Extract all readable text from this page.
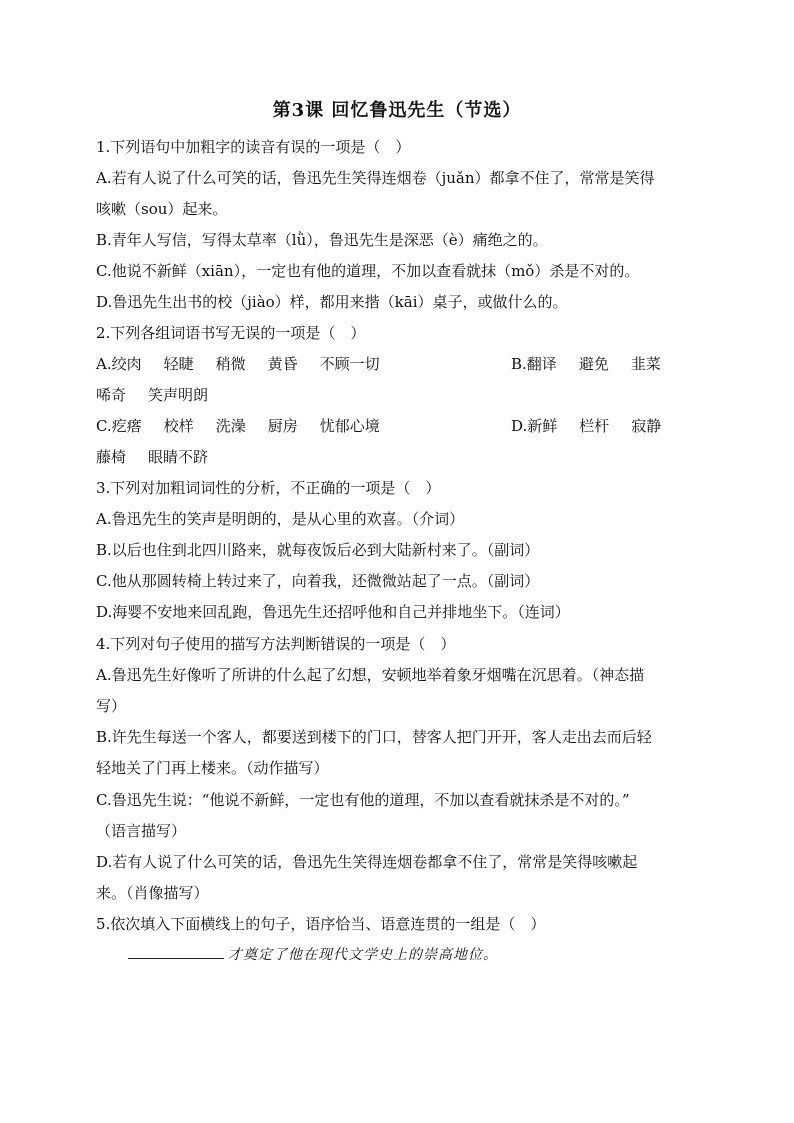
第3课 回忆鲁迅先生（节选）
1.下列语句中加粗字的读音有误的一项是（　）
A.若有人说了什么可笑的话，鲁迅先生笑得连烟卷（juǎn）都拿不住了，常常是笑得
咳嗽（sou）起来。
B.青年人写信，写得太草率（lǜ），鲁迅先生是深恶（è）痛绝之的。
C.他说不新鲜（xiān），一定也有他的道理，不加以查看就抹（mǒ）杀是不对的。
D.鲁迅先生出书的校（jiào）样，都用来揩（kāi）桌子，或做什么的。
2.下列各组词语书写无误的一项是（　）
A.绞肉 轻睫 稍微 黄昏 不顾一切	B.翻译 避免 韭菜
唏奇 笑声明朗
C.疙瘩 校样 洗澡 厨房 忧郁心境	D.新鲜 栏杆 寂静
藤椅 眼睛不跻
3.下列对加粗词词性的分析，不正确的一项是（　）
A.鲁迅先生的笑声是明朗的，是从心里的欢喜。（介词）
B.以后也住到北四川路来，就每夜饭后必到大陆新村来了。（副词）
C.他从那圆转椅上转过来了，向着我，还微微站起了一点。（副词）
D.海婴不安地来回乱跑，鲁迅先生还招呼他和自己并排地坐下。（连词）
4.下列对句子使用的描写方法判断错误的一项是（　）
A.鲁迅先生好像听了所讲的什么起了幻想，安顿地举着象牙烟嘴在沉思着。（神态描
写）
B.许先生每送一个客人，都要送到楼下的门口，替客人把门开开，客人走出去而后轻
轻地关了门再上楼来。（动作描写）
C.鲁迅先生说：“他说不新鲜，一定也有他的道理，不加以查看就抹杀是不对的。”
（语言描写）
D.若有人说了什么可笑的话，鲁迅先生笑得连烟卷都拿不住了，常常是笑得咳嗽起
来。（肖像描写）
5.依次填入下面横线上的句子，语序恰当、语意连贯的一组是（　）
才奠定了他在现代文学史上的崇高地位。
